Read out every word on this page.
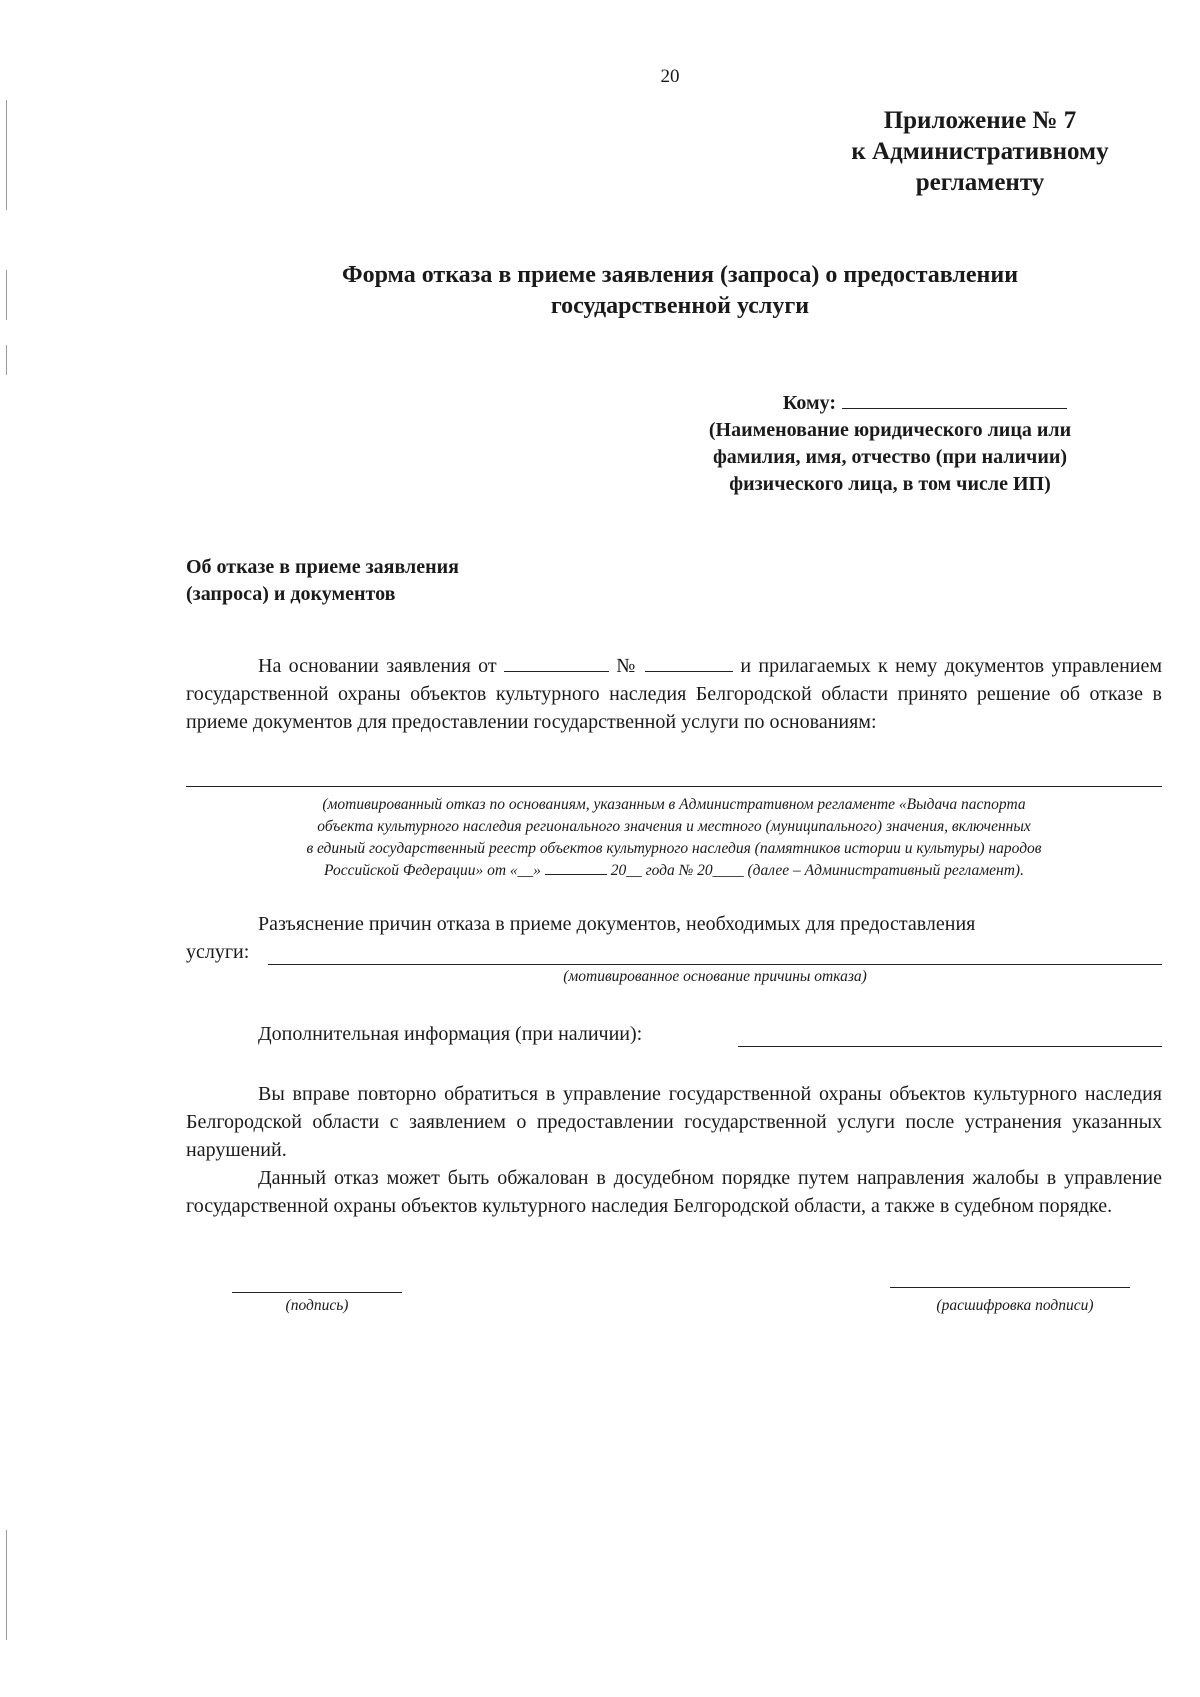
20
Приложение № 7
к Административному
регламенту
Форма отказа в приеме заявления (запроса) о предоставлении
государственной услуги
Кому:
(Наименование юридического лица или
фамилия, имя, отчество (при наличии)
физического лица, в том числе ИП)
Об отказе в приеме заявления
(запроса) и документов
На основании заявления от	№	и прилагаемых к нему документов управлением государственной охраны объектов культурного наследия Белгородской области принято решение об отказе в приеме документов для предоставлении государственной услуги по основаниям:
(мотивированный отказ по основаниям, указанным в Административном регламенте «Выдача паспорта
объекта культурного наследия регионального значения и местного (муниципального) значения, включенных
в единый государственный реестр объектов культурного наследия (памятников истории и культуры) народов
Российской Федерации» от «__»	20__ года № 20____ (далее – Административный регламент).
Разъяснение причин отказа в приеме документов, необходимых для предоставления
услуги:
(мотивированное основание причины отказа)
Дополнительная информация (при наличии):
Вы вправе повторно обратиться в управление государственной охраны объектов культурного наследия Белгородской области с заявлением о предоставлении государственной услуги после устранения указанных нарушений.
Данный отказ может быть обжалован в досудебном порядке путем направления жалобы в управление государственной охраны объектов культурного наследия Белгородской области, а также в судебном порядке.
(подпись)	(расшифровка подписи)
